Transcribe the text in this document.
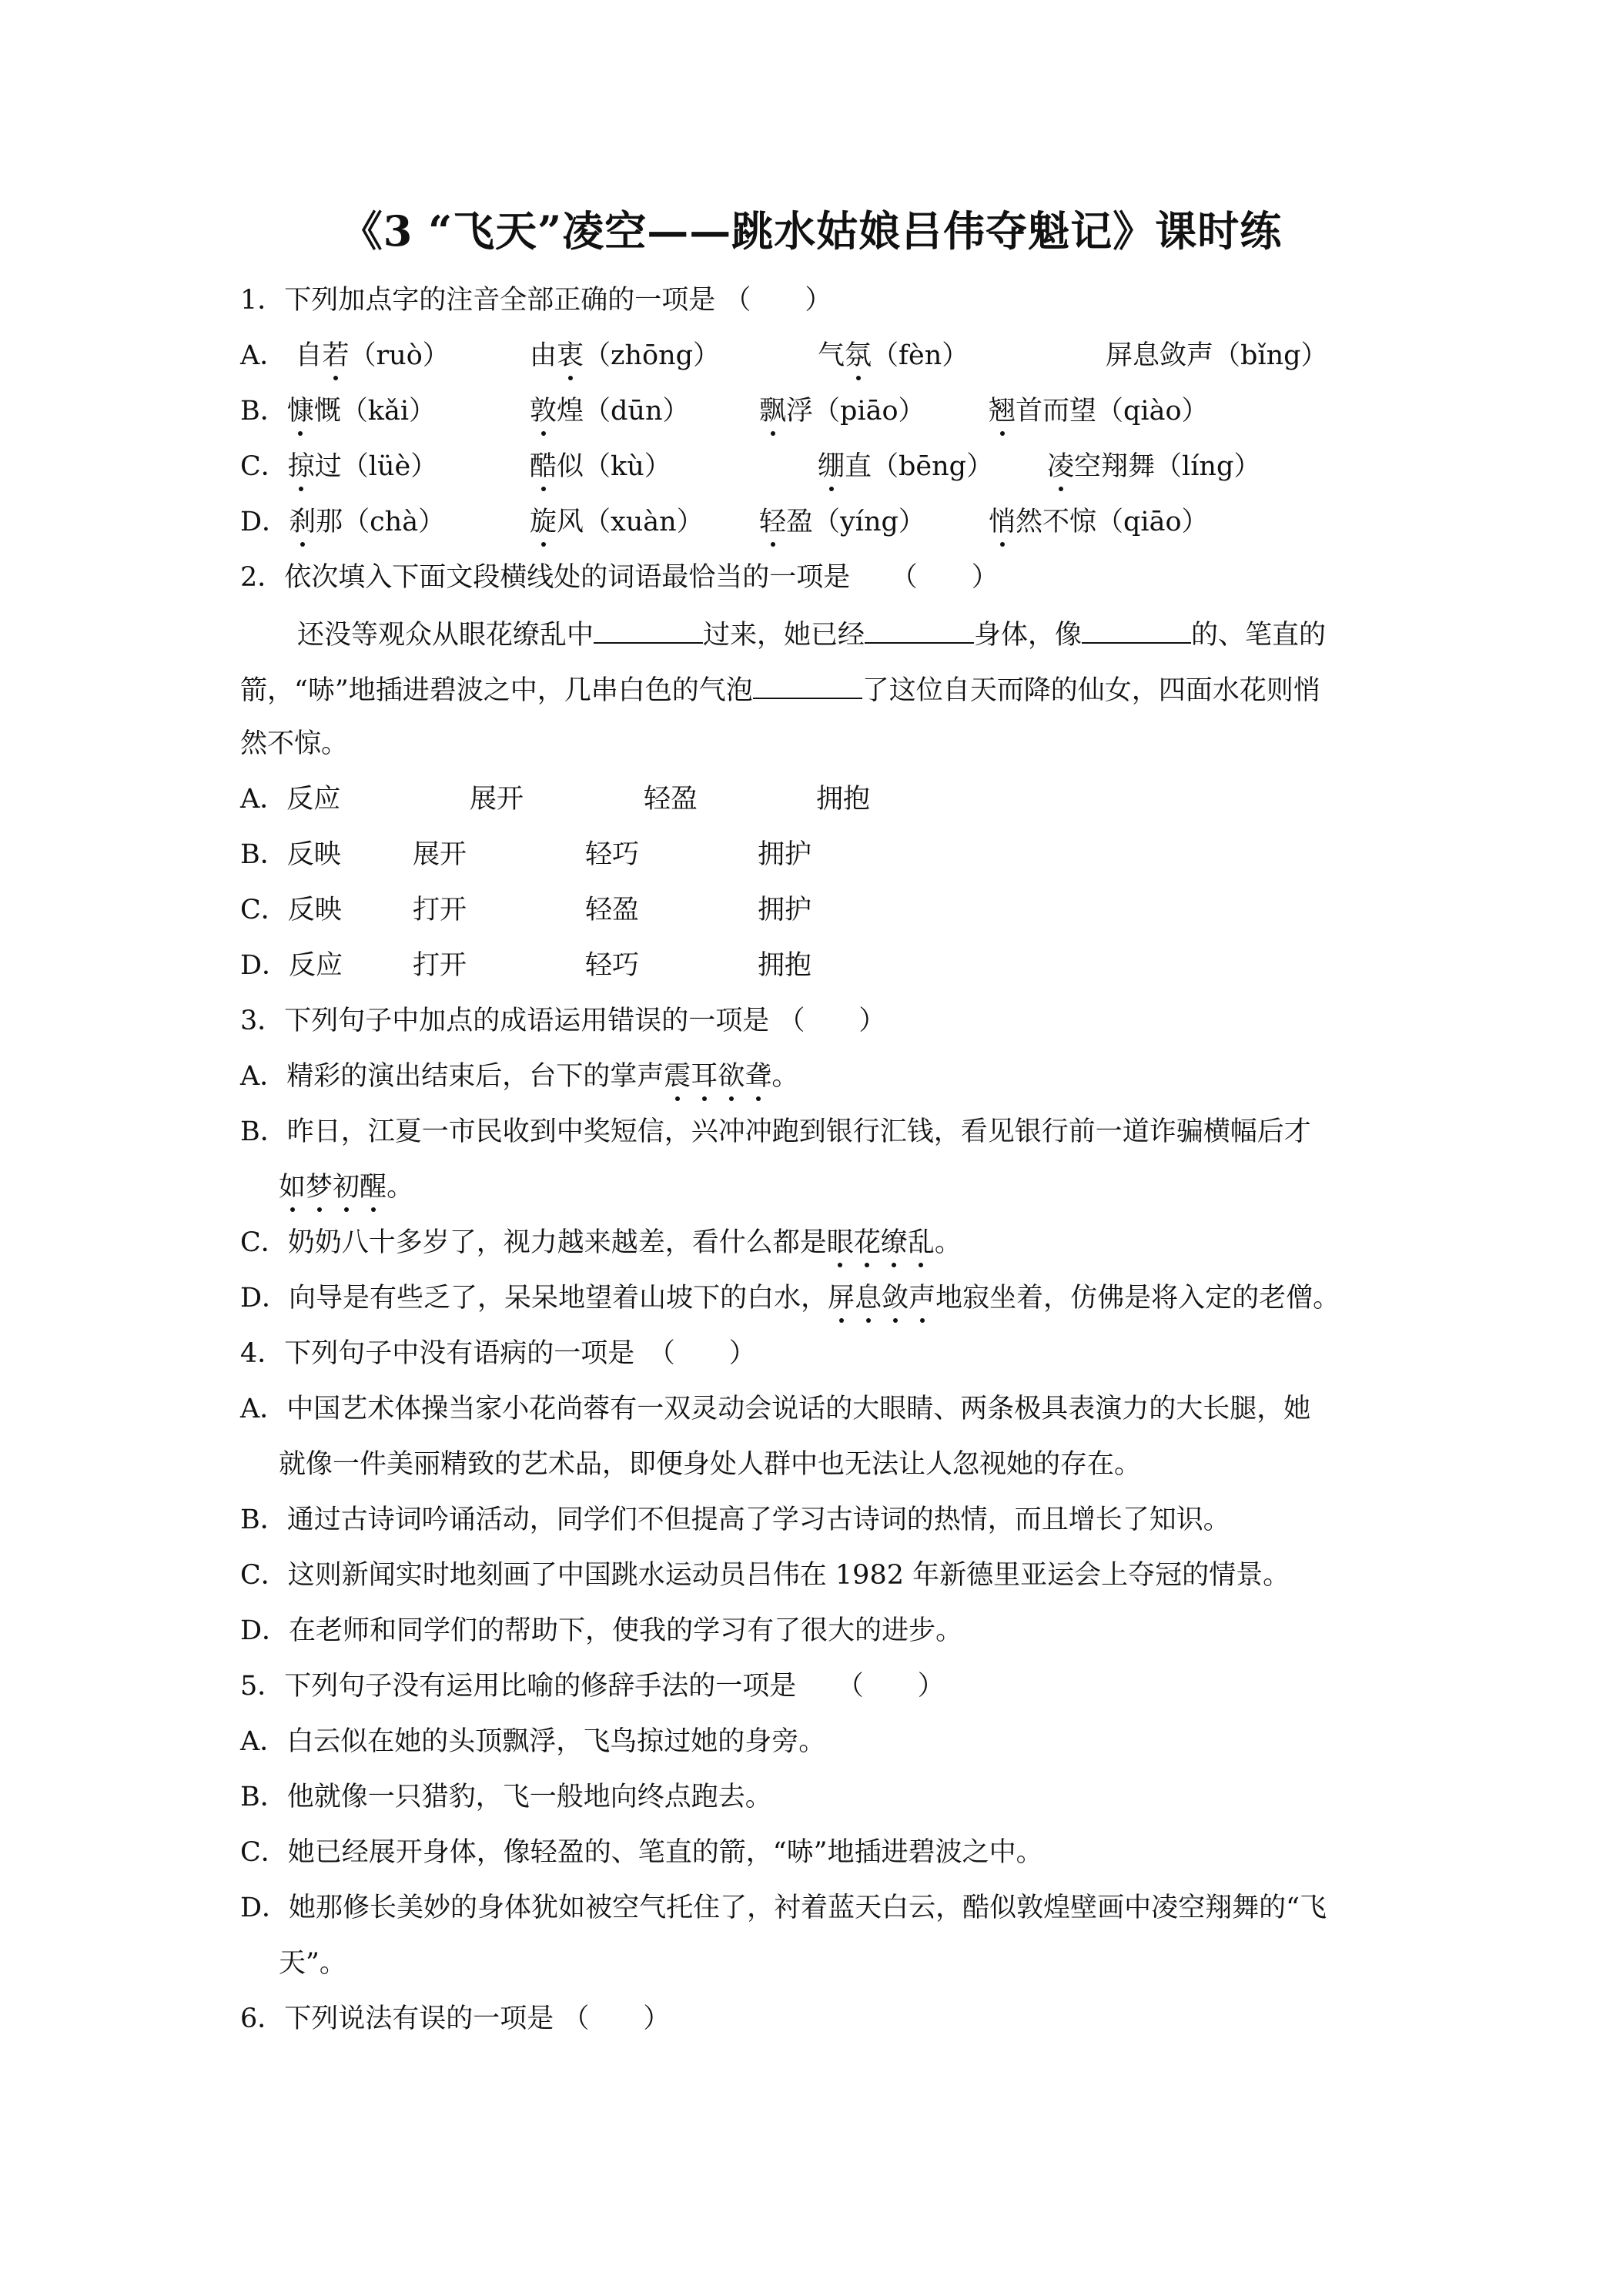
《3 “飞天”凌空——跳水姑娘吕伟夺魁记》课时练
1．下列加点字的注音全部正确的一项是 （　　）
A． 自若（ruò）	由衷（zhōng）	气氛（fèn）	屏息敛声（bǐng）
B．慷慨（kǎi）	敦煌（dūn）	飘浮（piāo） 翘首而望（qiào）
C．掠过（lüè）	酷似（kù）	绷直（bēng） 凌空翔舞（líng）
D．刹那（chà）	旋风（xuàn） 轻盈（yíng） 悄然不惊（qiāo）
2．依次填入下面文段横线处的词语最恰当的一项是　　（　　）
还没等观众从眼花缭乱中	过来，她已经	身体，像	的、笔直的
箭，“哧”地插进碧波之中，几串白色的气泡	了这位自天而降的仙女，四面水花则悄
然不惊。
A．反应	展开	轻盈	拥抱
B．反映	展开	轻巧	拥护
C．反映	打开	轻盈	拥护
D．反应	打开	轻巧	拥抱
3．下列句子中加点的成语运用错误的一项是 （　　）
A．精彩的演出结束后，台下的掌声震耳欲聋。
B．昨日，江夏一市民收到中奖短信，兴冲冲跑到银行汇钱，看见银行前一道诈骗横幅后才
如梦初醒。
C．奶奶八十多岁了，视力越来越差，看什么都是眼花缭乱。
D．向导是有些乏了，呆呆地望着山坡下的白水，屏息敛声地寂坐着，仿佛是将入定的老僧。
4．下列句子中没有语病的一项是　（　　）
A．中国艺术体操当家小花尚蓉有一双灵动会说话的大眼睛、两条极具表演力的大长腿，她
就像一件美丽精致的艺术品，即便身处人群中也无法让人忽视她的存在。
B．通过古诗词吟诵活动，同学们不但提高了学习古诗词的热情，而且增长了知识。
C．这则新闻实时地刻画了中国跳水运动员吕伟在 1982 年新德里亚运会上夺冠的情景。
D．在老师和同学们的帮助下，使我的学习有了很大的进步。
5．下列句子没有运用比喻的修辞手法的一项是　　（　　）
A．白云似在她的头顶飘浮，飞鸟掠过她的身旁。
B．他就像一只猎豹，飞一般地向终点跑去。
C．她已经展开身体，像轻盈的、笔直的箭，“哧”地插进碧波之中。
D．她那修长美妙的身体犹如被空气托住了，衬着蓝天白云，酷似敦煌壁画中凌空翔舞的“飞
天”。
6．下列说法有误的一项是 （　　）
